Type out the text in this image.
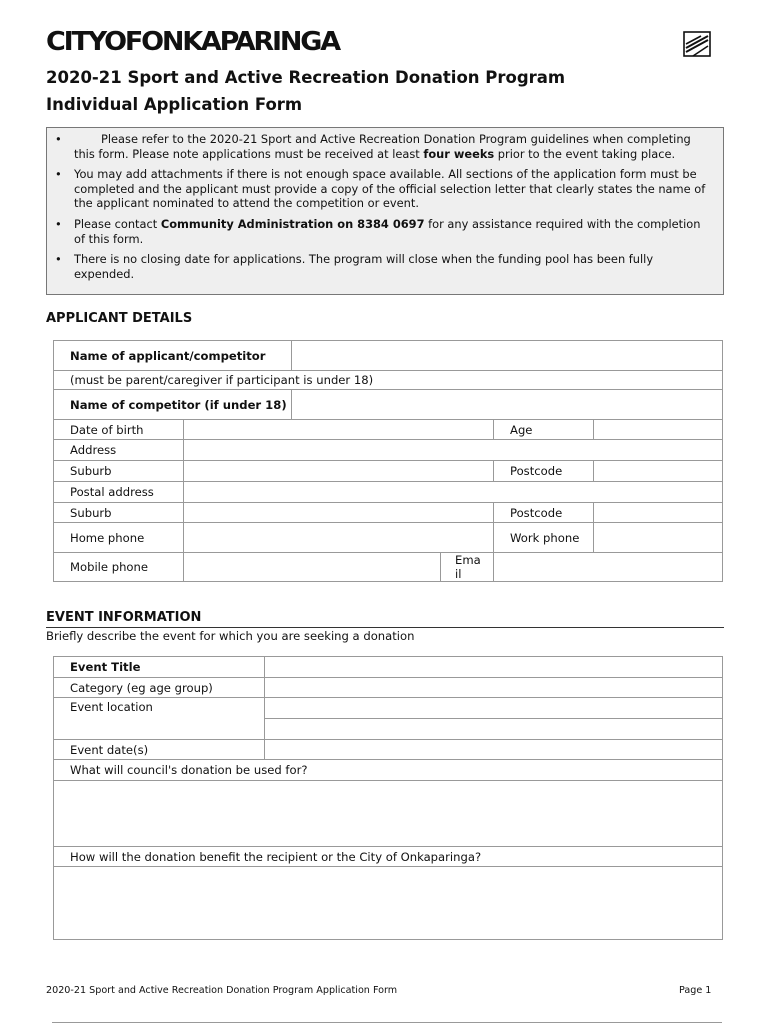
CITYOFONKAPARINGA
2020-21 Sport and Active Recreation Donation Program
Individual Application Form
•	Please refer to the 2020-21 Sport and Active Recreation Donation Program guidelines when completing this form. Please note applications must be received at least four weeks prior to the event taking place.
• You may add attachments if there is not enough space available. All sections of the application form must be completed and the applicant must provide a copy of the official selection letter that clearly states the name of the applicant nominated to attend the competition or event.
• Please contact Community Administration on 8384 0697 for any assistance required with the completion of this form.
• There is no closing date for applications. The program will close when the funding pool has been fully expended.
APPLICANT DETAILS
Name of applicant/competitor					
(must be parent/caregiver if participant is under 18)					
Name of competitor (if under 18)					
Date of birth				Age	
Address					
Suburb				Postcode	
Postal address					
Suburb				Postcode	
Home phone				Work phone	
Mobile phone			Ema il		

EVENT INFORMATION
Briefly describe the event for which you are seeking a donation
Event Title	
Category (eg age group)	
Event location	

Event date(s)	
What will council's donation be used for?	

How will the donation benefit the recipient or the City of Onkaparinga?	

2020-21 Sport and Active Recreation Donation Program Application Form	Page 1
